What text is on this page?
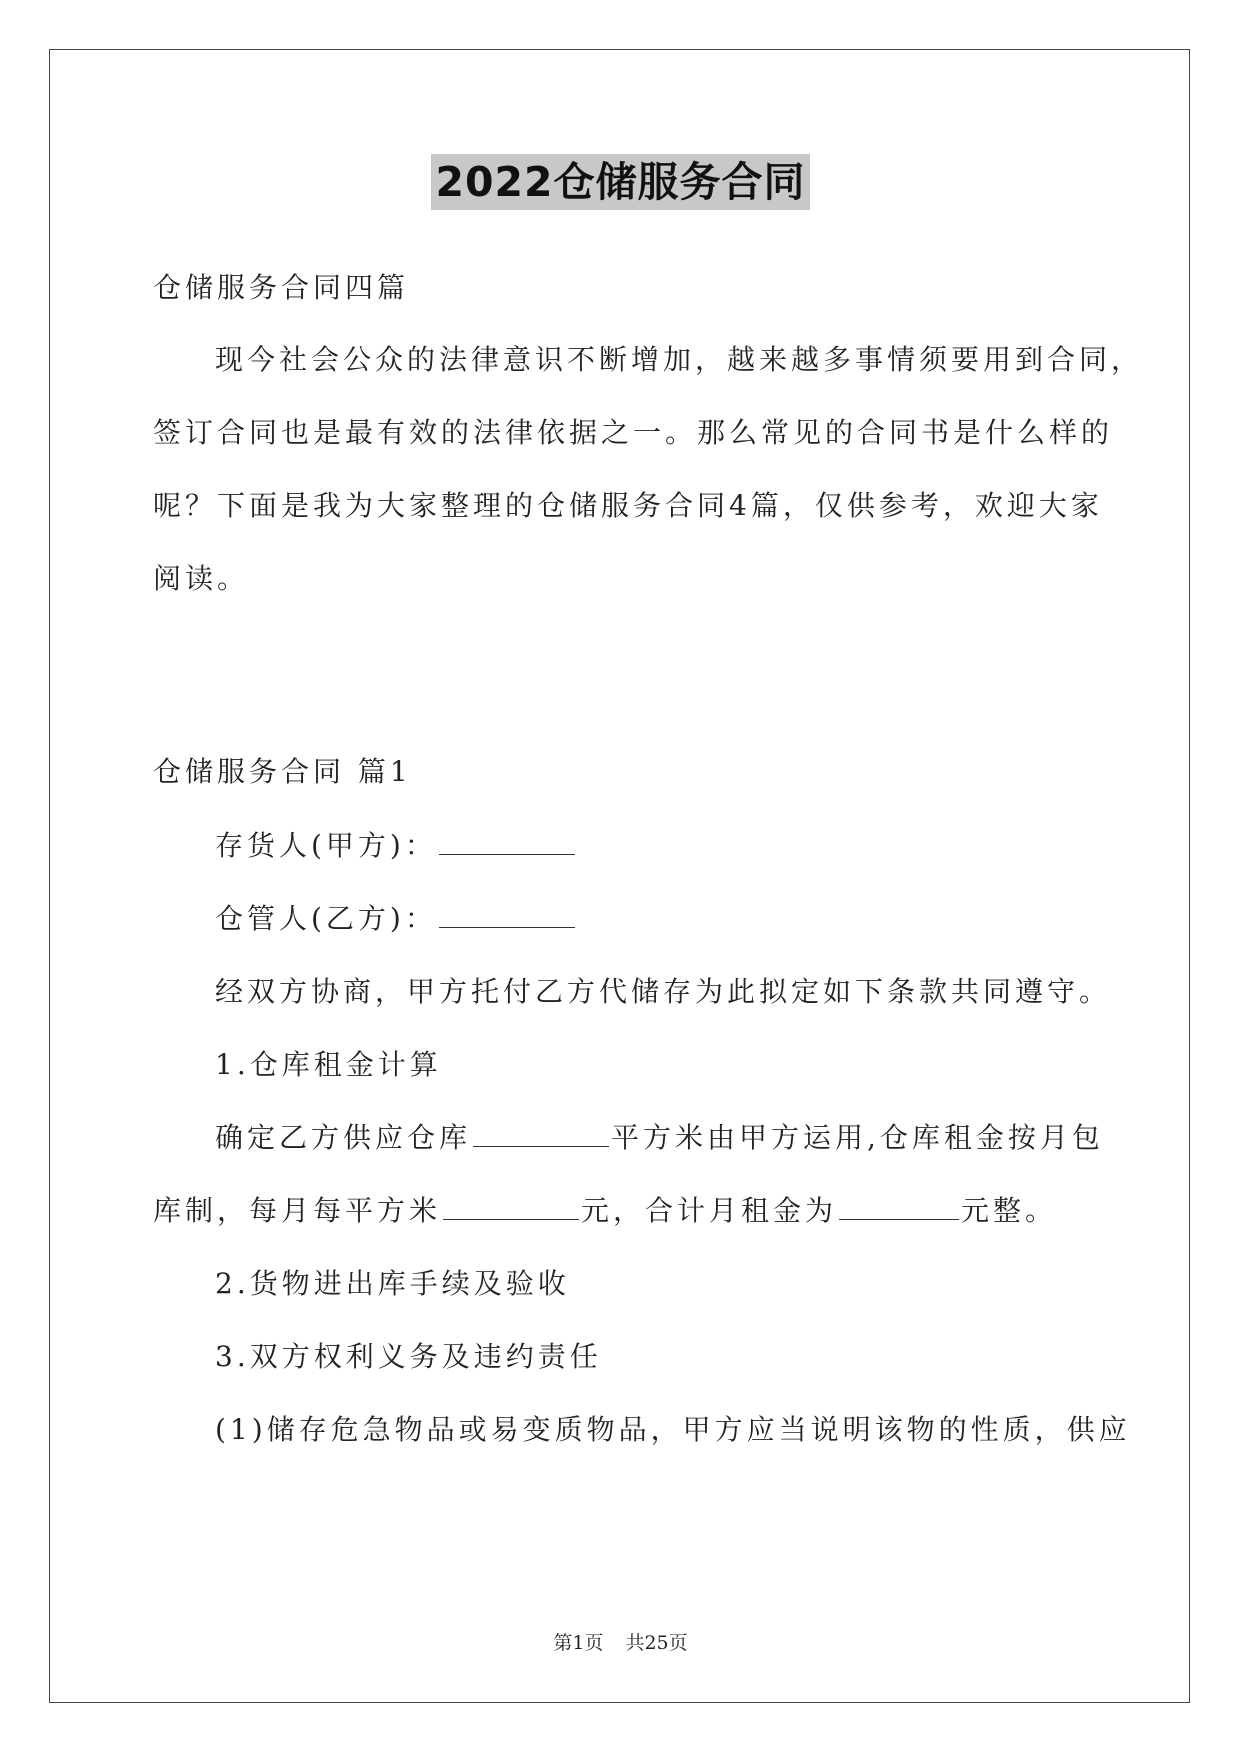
2022仓储服务合同

仓储服务合同四篇

现今社会公众的法律意识不断增加，越来越多事情须要用到合同，

签订合同也是最有效的法律依据之一。那么常见的合同书是什么样的

呢？下面是我为大家整理的仓储服务合同4篇，仅供参考，欢迎大家

阅读。

仓储服务合同 篇1

存货人(甲方)：

仓管人(乙方)：

经双方协商，甲方托付乙方代储存为此拟定如下条款共同遵守。

1.仓库租金计算

确定乙方供应仓库	平方米由甲方运用,仓库租金按月包

库制，每月每平方米	元，合计月租金为	元整。

2.货物进出库手续及验收

3.双方权利义务及违约责任

(1)储存危急物品或易变质物品，甲方应当说明该物的性质，供应

第1页 共25页
